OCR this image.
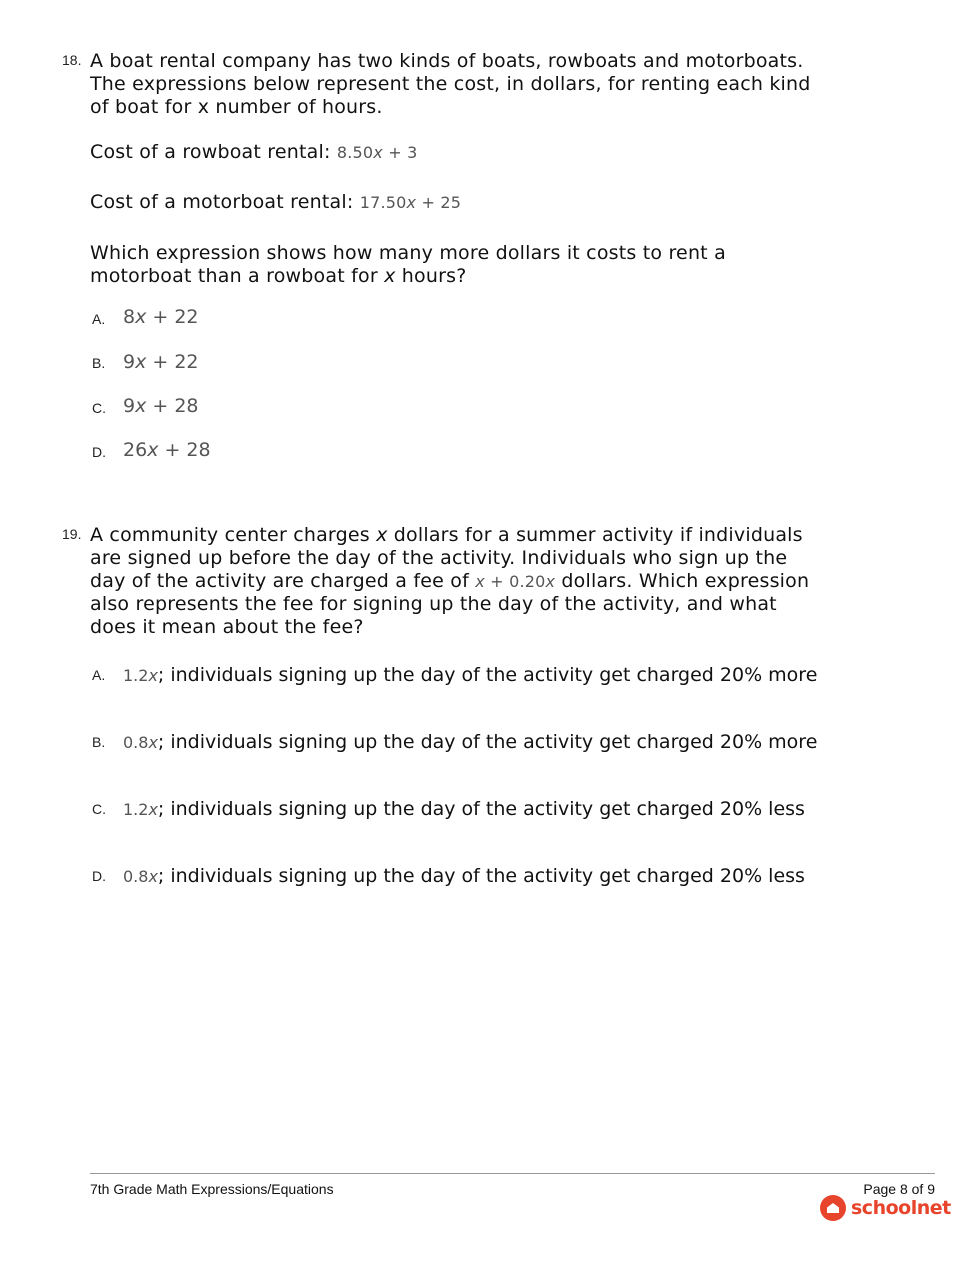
18. A boat rental company has two kinds of boats, rowboats and motorboats. The expressions below represent the cost, in dollars, for renting each kind of boat for x number of hours.
Cost of a rowboat rental: 8.50x + 3
Cost of a motorboat rental: 17.50x + 25
Which expression shows how many more dollars it costs to rent a motorboat than a rowboat for x hours?
A. 8x + 22
B. 9x + 22
C. 9x + 28
D. 26x + 28
19. A community center charges x dollars for a summer activity if individuals are signed up before the day of the activity. Individuals who sign up the day of the activity are charged a fee of x + 0.20x dollars. Which expression also represents the fee for signing up the day of the activity, and what does it mean about the fee?
A. 1.2x; individuals signing up the day of the activity get charged 20% more
B. 0.8x; individuals signing up the day of the activity get charged 20% more
C. 1.2x; individuals signing up the day of the activity get charged 20% less
D. 0.8x; individuals signing up the day of the activity get charged 20% less
7th Grade Math Expressions/Equations	Page 8 of 9
schoolnet
